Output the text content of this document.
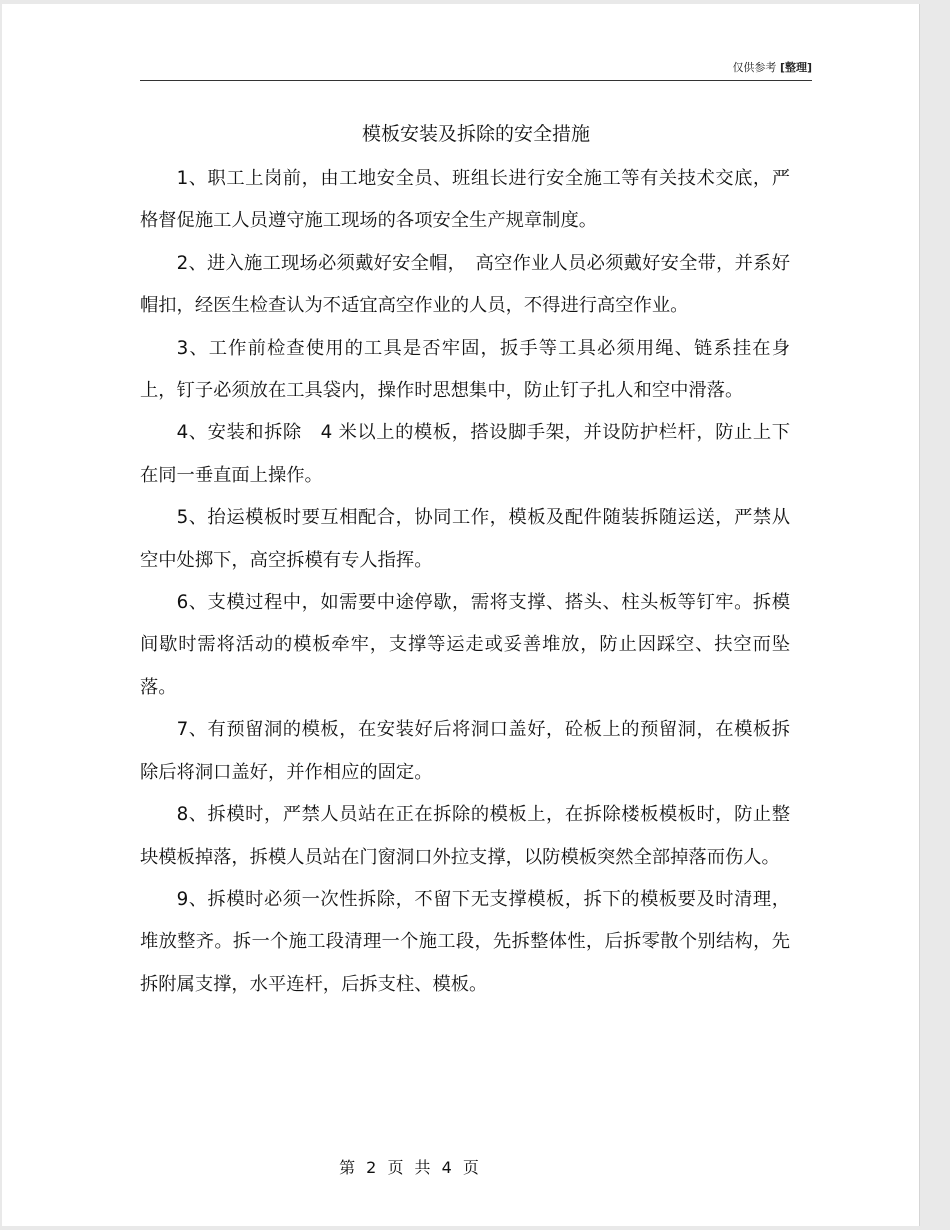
仅供参考 [整理]
模板安装及拆除的安全措施

1、职工上岗前，由工地安全员、班组长进行安全施工等有关技术交底，严格督促施工人员遵守施工现场的各项安全生产规章制度。

2、进入施工现场必须戴好安全帽，　高空作业人员必须戴好安全带，并系好帽扣，经医生检查认为不适宜高空作业的人员，不得进行高空作业。

3、工作前检查使用的工具是否牢固，扳手等工具必须用绳、链系挂在身上，钉子必须放在工具袋内，操作时思想集中，防止钉子扎人和空中滑落。

4、安装和拆除　4 米以上的模板，搭设脚手架，并设防护栏杆，防止上下在同一垂直面上操作。

5、抬运模板时要互相配合，协同工作，模板及配件随装拆随运送，严禁从空中处掷下，高空拆模有专人指挥。

6、支模过程中，如需要中途停歇，需将支撑、搭头、柱头板等钉牢。拆模间歇时需将活动的模板牵牢，支撑等运走或妥善堆放，防止因踩空、扶空而坠落。

7、有预留洞的模板，在安装好后将洞口盖好，砼板上的预留洞，在模板拆除后将洞口盖好，并作相应的固定。

8、拆模时，严禁人员站在正在拆除的模板上，在拆除楼板模板时，防止整块模板掉落，拆模人员站在门窗洞口外拉支撑，以防模板突然全部掉落而伤人。

9、拆模时必须一次性拆除，不留下无支撑模板，拆下的模板要及时清理，堆放整齐。拆一个施工段清理一个施工段，先拆整体性，后拆零散个别结构，先拆附属支撑，水平连杆，后拆支柱、模板。

第 2 页 共 4 页
